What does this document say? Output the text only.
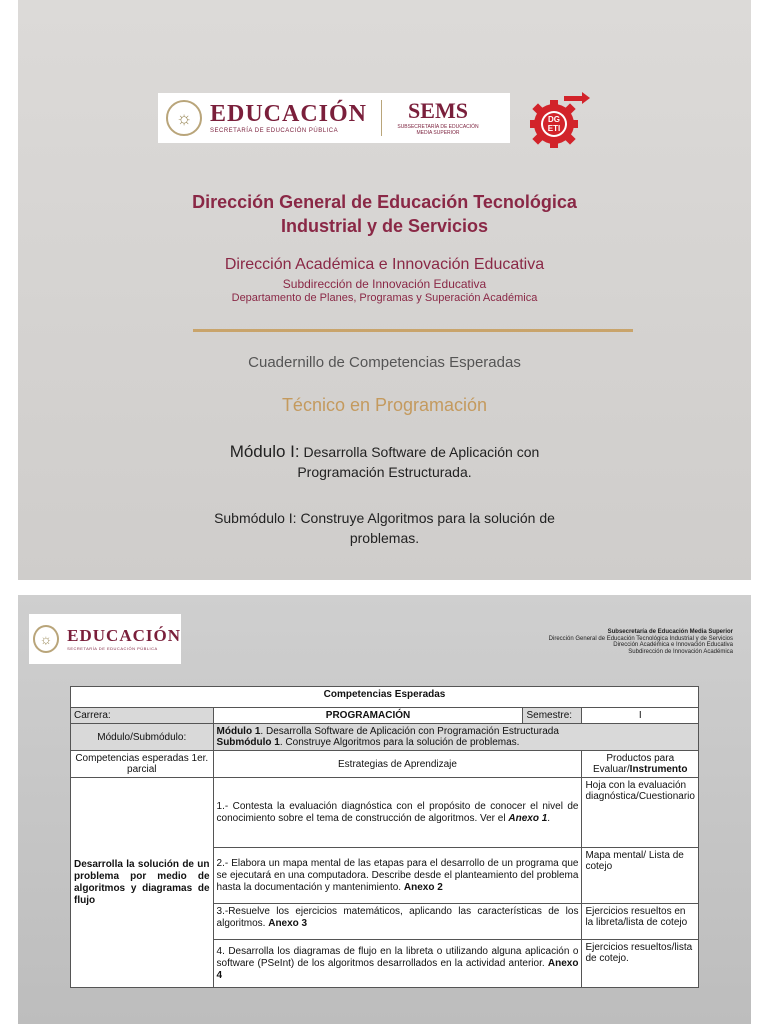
☼ EDUCACIÓN
SECRETARÍA DE EDUCACIÓN PÚBLICA
SEMS
SUBSECRETARÍA DE EDUCACIÓN MEDIA SUPERIOR
DG
ETI
Dirección General de Educación Tecnológica
Industrial y de Servicios
Dirección Académica e Innovación Educativa
Subdirección de Innovación Educativa
Departamento de Planes, Programas y Superación Académica
Cuadernillo de Competencias Esperadas
Técnico en Programación
Módulo I: Desarrolla Software de Aplicación con
Programación Estructurada.
Submódulo I: Construye Algoritmos para la solución de
problemas.
☼ EDUCACIÓN
SECRETARÍA DE EDUCACIÓN PÚBLICA
Subsecretaría de Educación Media Superior
Dirección General de Educación Tecnológica Industrial y de Servicios
Dirección Académica e Innovación Educativa
Subdirección de Innovación Académica
Competencias Esperadas			
Carrera:	PROGRAMACIÓN	Semestre:	I
Módulo/Submódulo:	Módulo 1. Desarrolla Software de Aplicación con Programación Estructurada
Submódulo 1. Construye Algoritmos para la solución de problemas.		

Competencias esperadas 1er. parcial	Estrategias de Aprendizaje		Productos para Evaluar/Instrumento
Desarrolla la solución de un problema por medio de algoritmos y diagramas de flujo	1.- Contesta la evaluación diagnóstica con el propósito de conocer el nivel de conocimiento sobre el tema de construcción de algoritmos. Ver el Anexo 1.		Hoja con la evaluación diagnóstica/Cuestionario
	2.- Elabora un mapa mental de las etapas para el desarrollo de un programa que se ejecutará en una computadora. Describe desde el planteamiento del problema hasta la documentación y mantenimiento. Anexo 2		Mapa mental/ Lista de cotejo
	3.-Resuelve los ejercicios matemáticos, aplicando las características de los algoritmos. Anexo 3		Ejercicios resueltos en la libreta/lista de cotejo
	4. Desarrolla los diagramas de flujo en la libreta o utilizando alguna aplicación o software (PSeInt) de los algoritmos desarrollados en la actividad anterior. Anexo 4		Ejercicios resueltos/lista de cotejo.
